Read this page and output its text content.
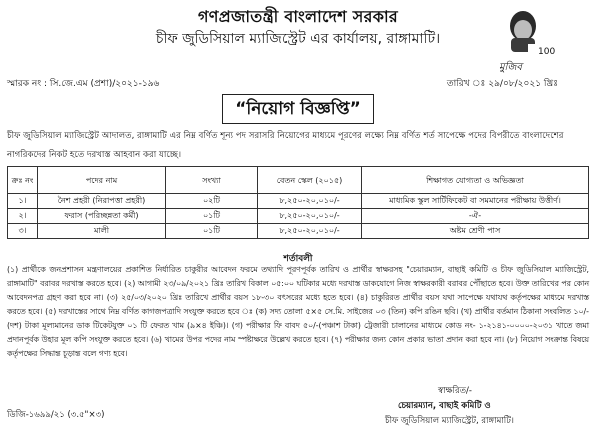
গণপ্রজাতন্ত্রী বাংলাদেশ সরকার
চীফ জুডিসিয়াল ম্যাজিস্ট্রেট এর কার্যালয়, রাঙ্গামাটি।
100
মুজিব
স্মারক নং : সি.জে.এম (প্রশা)/২০২১-১৯৬	তারিখ ঃ ২৯/০৮/২০২১ খ্রিঃ
“নিয়োগ বিজ্ঞপ্তি”
চীফ জুডিসিয়াল ম্যাজিস্ট্রেট আদালত, রাঙ্গামাটি এর নিম্ন বর্ণিত শূন্য পদ সরাসরি নিয়োগের মাধ্যমে পূরণের লক্ষ্যে নিম্ন বর্ণিত শর্ত সাপেক্ষে পদের বিপরীতে বাংলাদেশের নাগরিকদের নিকট হতে দরখাস্ত আহবান করা যাচ্ছে।
ক্রঃ নং	পদের নাম	সংখ্যা	বেতন স্কেল (২০১৫)	শিক্ষাগত যোগ্যতা ও অভিজ্ঞতা
১।	নৈশ প্রহরী (নিরাপত্তা প্রহরী)	০২টি	৮,২৫০-২০,০১০/-	মাধ্যমিক স্কুল সার্টিফিকেট বা সমমানের পরীক্ষায় উত্তীর্ণ।
২।	ফরাস (পরিচ্ছন্নতা কর্মী)	০১টি	৮,২৫০-২০,০১০/-	-ঐ-
৩।	মালী	০১টি	৮,২৫০-২০,০১০/-	অষ্টম শ্রেণী পাস
শর্তাবলী
(১) প্রার্থীকে জনপ্রশাসন মন্ত্রণালয়ের প্রকাশিত নির্ধারিত চাকুরীর আবেদন ফরমে তথ্যাদি পূরণপূর্বক তারিখ ও প্রার্থীর স্বাক্ষরসহ "চেয়ারম্যান, বাছাই কমিটি ও চীফ জুডিসিয়াল ম্যাজিস্ট্রেট, রাঙ্গামাটি" বরাবর দরখাস্ত করতে হবে। (২) আগামী ২৩/০৯/২০২১ খ্রিঃ তারিখ বিকাল ০৫:০০ ঘটিকার মধ্যে দরখাস্ত ডাকযোগে নিজ স্বাক্ষরকারী বরাবর পৌঁছাতে হবে। উক্ত তারিখের পর কোন আবেদনপত্র গ্রহণ করা হবে না। (৩) ২৫/০৩/২০২০ খ্রিঃ তারিখে প্রার্থীর বয়স ১৮-৩০ বৎসরের মধ্যে হতে হবে। (৪) চাকুরিরত প্রার্থীর বয়স যথা সাপেক্ষে যথাযথ কর্তৃপক্ষের মাধ্যমে দরখাস্ত করতে হবে। (৫) দরখাস্তের সাথে নিম্ন বর্ণিত কাগজপত্রাদি সংযুক্ত করতে হবে ঃ (ক) সদ্য তোলা ৫×৫ সে.মি. সাইজের ০৩ (তিন) কপি রঙিন ছবি। (খ) প্রার্থীর বর্তমান ঠিকানা সংবলিত ১০/-(দশ) টাকা মূল্যমানের ডাক টিকেটযুক্ত ০১ টি ফেরত খাম (৯×৪ ইঞ্চি)। (গ) পরীক্ষার ফি বাবদ ৫০/-(পঞ্চাশ টাকা) ট্রেজারী চালানের মাধ্যমে কোড নং- ১-২১৪১-০০০০-২০৩১ খাতে জমা প্রদানপূর্বক উহার মূল কপি সংযুক্ত করতে হবে। (৬) খামের উপর পদের নাম স্পষ্টাক্ষরে উল্লেখ করতে হবে। (৭) পরীক্ষার জন্য কোন প্রকার ভাতা প্রদান করা হবে না। (৮) নিয়োগ সংক্রান্ত বিষয়ে কর্তৃপক্ষের সিদ্ধান্ত চূড়ান্ত বলে গণ্য হবে।
স্বাক্ষরিত/-
চেয়ারম্যান, বাছাই কমিটি ও
চীফ জুডিসিয়াল ম্যাজিস্ট্রেট, রাঙ্গামাটি।
ডিজি-১৬৯৯/২১ (৩.৫"×৩)
